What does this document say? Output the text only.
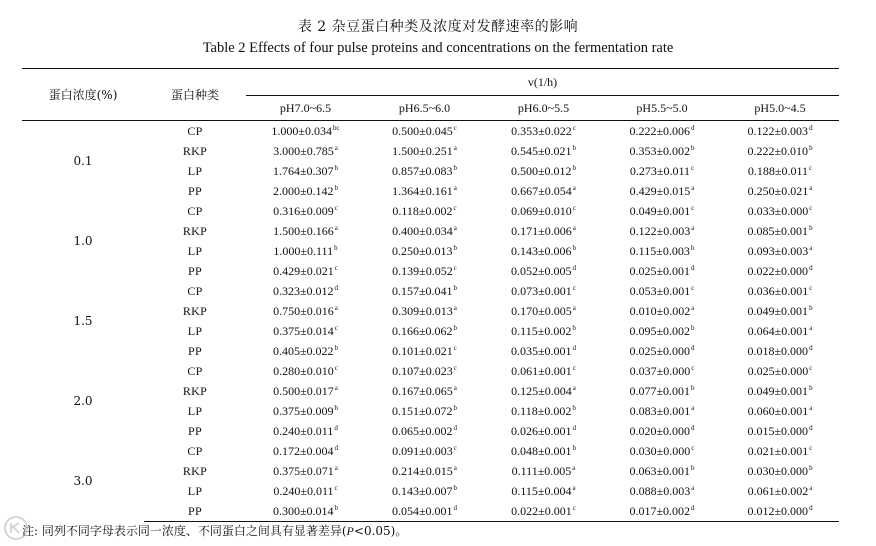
表 2 杂豆蛋白种类及浓度对发酵速率的影响
Table 2 Effects of four pulse proteins and concentrations on the fermentation rate
蛋白浓度(%)	蛋白种类	v(1/h)				
		pH7.0~6.5	pH6.5~6.0	pH6.0~5.5	pH5.5~5.0	pH5.0~4.5
0.1	CP	1.000±0.034$^{bc}$	0.500±0.045$^c$	0.353±0.022$^c$	0.222±0.006$^d$	0.122±0.003$^d$
	RKP	3.000±0.785$^a$	1.500±0.251$^a$	0.545±0.021$^b$	0.353±0.002$^b$	0.222±0.010$^b$
	LP	1.764±0.307$^b$	0.857±0.083$^b$	0.500±0.012$^b$	0.273±0.011$^c$	0.188±0.011$^c$
	PP	2.000±0.142$^b$	1.364±0.161$^a$	0.667±0.054$^a$	0.429±0.015$^a$	0.250±0.021$^a$
1.0	CP	0.316±0.009$^c$	0.118±0.002$^c$	0.069±0.010$^c$	0.049±0.001$^c$	0.033±0.000$^c$
	RKP	1.500±0.166$^a$	0.400±0.034$^a$	0.171±0.006$^a$	0.122±0.003$^a$	0.085±0.001$^b$
	LP	1.000±0.111$^b$	0.250±0.013$^b$	0.143±0.006$^b$	0.115±0.003$^b$	0.093±0.003$^a$
	PP	0.429±0.021$^c$	0.139±0.052$^c$	0.052±0.005$^d$	0.025±0.001$^d$	0.022±0.000$^d$
1.5	CP	0.323±0.012$^d$	0.157±0.041$^b$	0.073±0.001$^c$	0.053±0.001$^c$	0.036±0.001$^c$
	RKP	0.750±0.016$^a$	0.309±0.013$^a$	0.170±0.005$^a$	0.010±0.002$^a$	0.049±0.001$^b$
	LP	0.375±0.014$^c$	0.166±0.062$^b$	0.115±0.002$^b$	0.095±0.002$^b$	0.064±0.001$^a$
	PP	0.405±0.022$^b$	0.101±0.021$^c$	0.035±0.001$^d$	0.025±0.000$^d$	0.018±0.000$^d$
2.0	CP	0.280±0.010$^c$	0.107±0.023$^c$	0.061±0.001$^c$	0.037±0.000$^c$	0.025±0.000$^c$
	RKP	0.500±0.017$^a$	0.167±0.065$^a$	0.125±0.004$^a$	0.077±0.001$^b$	0.049±0.001$^b$
	LP	0.375±0.009$^b$	0.151±0.072$^b$	0.118±0.002$^b$	0.083±0.001$^a$	0.060±0.001$^a$
	PP	0.240±0.011$^d$	0.065±0.002$^d$	0.026±0.001$^d$	0.020±0.000$^d$	0.015±0.000$^d$
3.0	CP	0.172±0.004$^d$	0.091±0.003$^c$	0.048±0.001$^b$	0.030±0.000$^c$	0.021±0.001$^c$
	RKP	0.375±0.071$^a$	0.214±0.015$^a$	0.111±0.005$^a$	0.063±0.001$^b$	0.030±0.000$^b$
	LP	0.240±0.011$^c$	0.143±0.007$^b$	0.115±0.004$^a$	0.088±0.003$^a$	0.061±0.002$^a$
	PP	0.300±0.014$^b$	0.054±0.001$^d$	0.022±0.001$^c$	0.017±0.002$^d$	0.012±0.000$^d$
注: 同列不同字母表示同一浓度、不同蛋白之间具有显著差异(P<0.05)。
